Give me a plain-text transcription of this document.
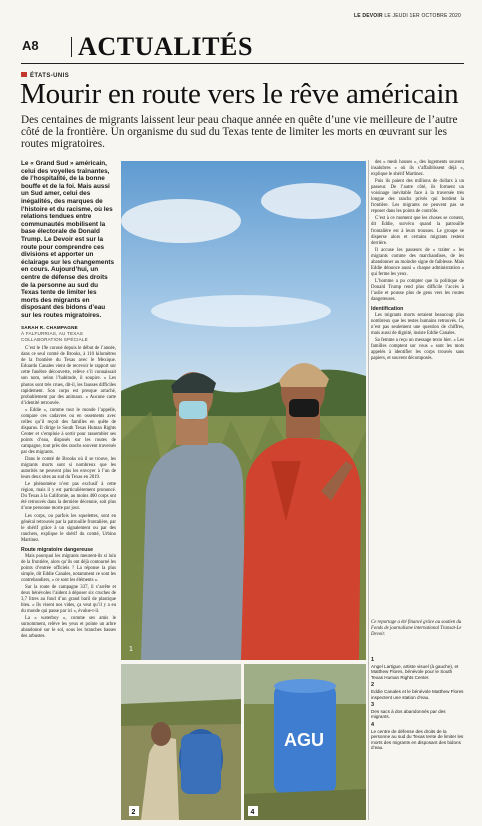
LE DEVOIR LE JEUDI 1ER OCTOBRE 2020
A8 ACTUALITÉS
ÉTATS-UNIS
Mourir en route vers le rêve américain
Des centaines de migrants laissent leur peau chaque année en quête d’une vie meilleure de l’autre côté de la frontière. Un organisme du sud du Texas tente de limiter les morts en œuvrant sur les routes migratoires.
Le « Grand Sud » américain, celui des voyelles traînantes, de l’hospitalité, de la bonne bouffe et de la foi. Mais aussi un Sud amer, celui des inégalités, des marques de l’histoire et du racisme, où les relations tendues entre communautés mobilisent la base électorale de Donald Trump. Le Devoir est sur la route pour comprendre ces divisions et apporter un éclairage sur les changements en cours. Aujourd’hui, un centre de défense des droits de la personne au sud du Texas tente de limiter les morts des migrants en disposant des bidons d’eau sur les routes migratoires.
SARAH R. CHAMPAGNE
À FALFURRIAS, AU TEXAS
COLLABORATION SPÉCIALE

C’est le 19e coroné depuis le début de l’année, dans ce seul comté de Brooks, à 110 kilomètres de la frontière du Texas avec le Mexique. Eduardo Canales vient de recevoir le rapport sur cette funèbre découverte, relève s’il connaissait son nom, selon l’habitude, il soupire. « Les photos sont très crues, dit-il, les fausses difficiles rapidement. Son corps est presque arraché, probablement par des animaux. » Aucune carte d’identité retrouvée.

« Eddie », comme tout le monde l’appelle, compare ces cadavres ou en ossements avec celles qu’il reçoit des familles en quête de disparus. Il dirige le South Texas Human Rights Center et s’emploie à sortir pour rassembler ses points d’eau, disposés sur les routes de campagne, tout près des ranchs souvent traversés par des migrants.

Dans le comté de Brooks où il se trouve, les migrants morts sont si nombreux que les autorités ne peuvent plus les envoyer à l’un de leurs deux sites au sud du Texas en 2019.

Le phénomène n’est pas exclusif à cette région, mais il y est particulièrement prononcé. Du Texas à la Californie, au moins 400 corps ont été retrouvés dans la dernière décennie, soit plus d’une personne morte par jour.

Les corps, ou parfois les squelettes, sont en général retrouvés par la patrouille frontalière, par le shérif grâce à un signalement ou par des ranchers, explique le shérif du comté, Urbino Martinez.

Route migratoire dangereuse

Mais pourquoi les migrants meurent-ils si loin de la frontière, alors qu’ils ont déjà contourné les points d’entrée officiels ? La réponse la plus simple, dit Eddie Canales, notamment ce sont les contrebandiers, « ce sont les éléments ».

Sur la route de campagne 337, il s’arrête et deux bénévoles l’aident à déposer six cruches de 3,7 litres au fond d’un grand baril de plastique bleu. « Ils visent nos vides, ça veut qu’il y a eu du monde qui passe par ici », évalue-t-il.

La « waterboy », comme ses amis le surnomment, relève les yeux et pointe un arbre abandonné sur le sol, sous les branches basses des arbustes.

1
2
AGU
4

des « mesh houses », des logements souvent insalubres « où ils s’affaiblissent déjà », explique le shérif Martinez.

Puis ils paient des millions de dollars à un passeur. De l’autre côté, ils forment un voisinage inévitable face à la traversée très longue des ranchs privés qui bordent la frontière. Les migrants ne peuvent pas se reposer dans les points de contrôle.

C’est à ce moment que les choses se corsent, dit Eddie, survécu quand la patrouille frontalière est à leurs trousses. Le groupe se disperse alors et certains migrants restent derrière.

Il accuse les passeurs de « traiter » les migrants comme des marchandises, de les abandonner au moindre signe de faiblesse. Mais Eddie dénonce aussi « chaque administration » qui ferme les yeux.

L’homme a pu compter que la politique de Donald Trump rend plus difficile l’accès à l’asile et pousse plus de gens vers les routes dangereuses.

Identification

Les migrants morts seraient beaucoup plus nombreux que les restes humains retrouvés. Ce n’est pas seulement une question de chiffres, mais aussi de dignité, insiste Eddie Canales.

Sa femme a reçu un message texto hier. « Les familles comptent sur vous » sont les mots appelés à identifier les corps trouvés sans papiers, et souvent décomposés.

Ce reportage a été financé grâce au soutien du Fonds de journalisme international Transat-Le Devoir.
1
Angel Lartigue, artiste visuel (à gauche), et Matthew Flores, bénévole pour le South Texas Human Rights Center.
2
Eddie Canales et le bénévole Matthew Flores inspectent une station d’eau.
3
Des sacs à dos abandonnés par des migrants.
4
Le centre de défense des droits de la personne au sud du Texas tente de limiter les morts des migrants en disposant des bidons d’eau.
